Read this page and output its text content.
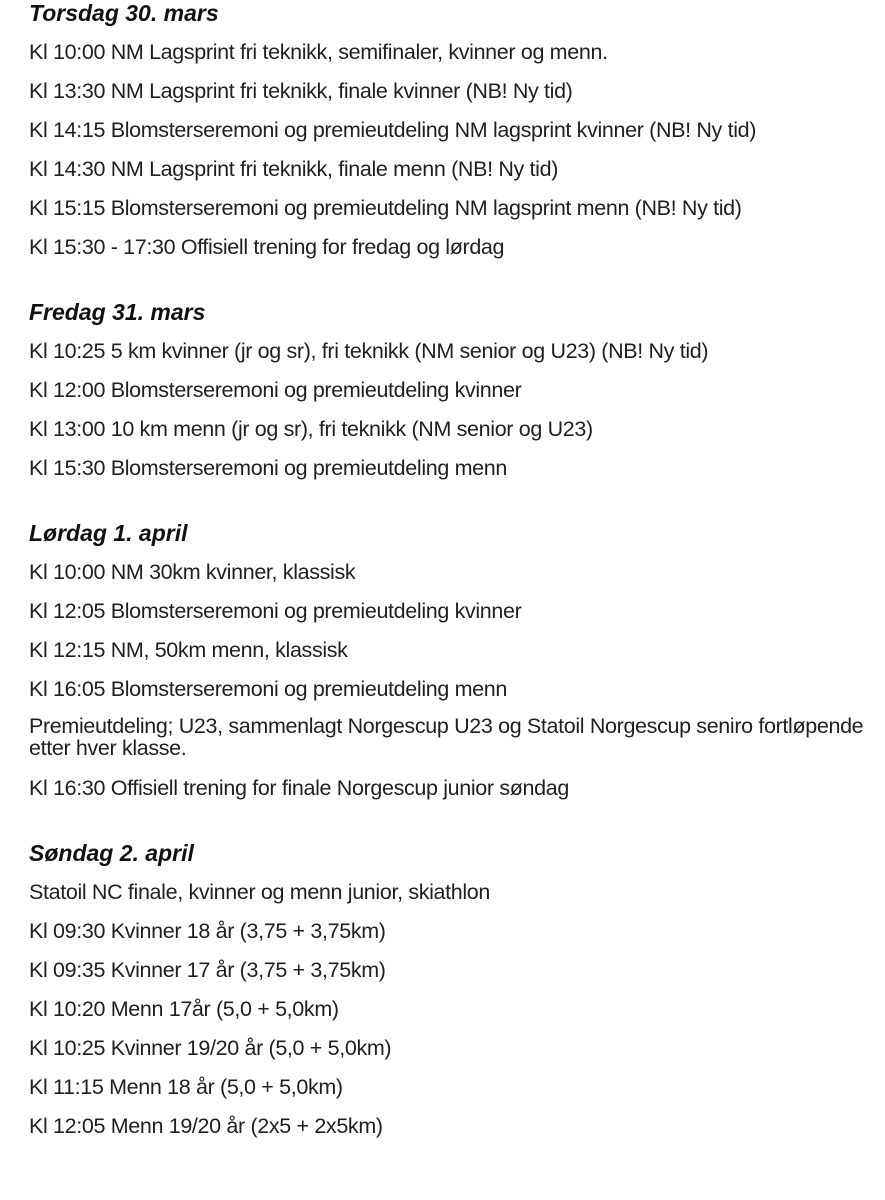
Torsdag 30. mars
Kl 10:00 NM Lagsprint fri teknikk, semifinaler, kvinner og menn.
Kl 13:30 NM Lagsprint fri teknikk, finale kvinner (NB! Ny tid)
Kl 14:15 Blomsterseremoni og premieutdeling NM lagsprint kvinner (NB! Ny tid)
Kl 14:30 NM Lagsprint fri teknikk, finale menn (NB! Ny tid)
Kl 15:15 Blomsterseremoni og premieutdeling NM lagsprint menn (NB! Ny tid)
Kl 15:30 - 17:30 Offisiell trening for fredag og lørdag
Fredag 31. mars
Kl 10:25 5 km kvinner (jr og sr), fri teknikk (NM senior og U23) (NB! Ny tid)
Kl 12:00 Blomsterseremoni og premieutdeling kvinner
Kl 13:00 10 km menn (jr og sr), fri teknikk (NM senior og U23)
Kl 15:30 Blomsterseremoni og premieutdeling menn
Lørdag 1. april
Kl 10:00 NM 30km kvinner, klassisk
Kl 12:05 Blomsterseremoni og premieutdeling kvinner
Kl 12:15 NM, 50km menn, klassisk
Kl 16:05 Blomsterseremoni og premieutdeling menn
Premieutdeling; U23, sammenlagt Norgescup U23 og Statoil Norgescup seniro fortløpende etter hver klasse.
Kl 16:30 Offisiell trening for finale Norgescup junior søndag
Søndag 2. april
Statoil NC finale, kvinner og menn junior, skiathlon
Kl 09:30 Kvinner 18 år (3,75 + 3,75km)
Kl 09:35 Kvinner 17 år (3,75 + 3,75km)
Kl 10:20 Menn 17år (5,0 + 5,0km)
Kl 10:25 Kvinner 19/20 år (5,0 + 5,0km)
Kl 11:15 Menn 18 år (5,0 + 5,0km)
Kl 12:05 Menn 19/20 år (2x5 + 2x5km)
